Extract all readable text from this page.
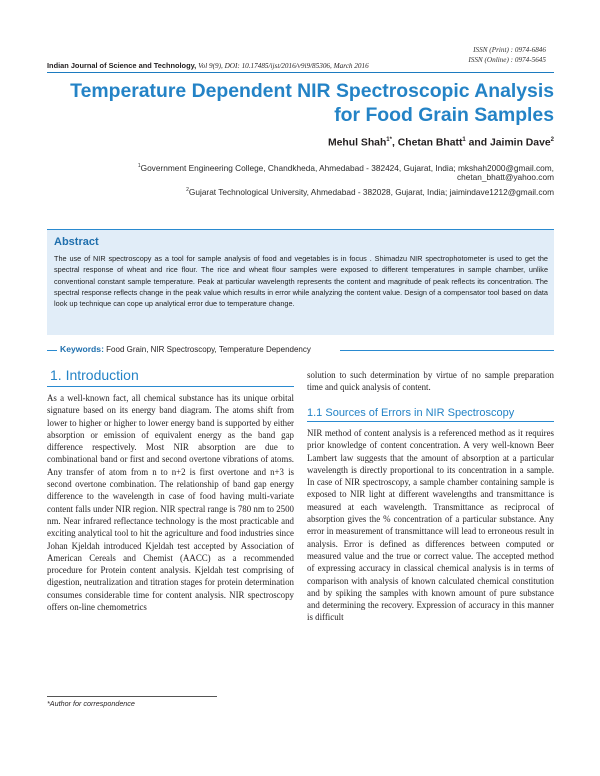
ISSN (Print) : 0974-6846
ISSN (Online) : 0974-5645
Indian Journal of Science and Technology, Vol 9(9), DOI: 10.17485/ijst/2016/v9i9/85306, March 2016
Temperature Dependent NIR Spectroscopic Analysis for Food Grain Samples
Mehul Shah$^{1*}$, Chetan Bhatt$^1$ and Jaimin Dave$^2$
$^1$Government Engineering College, Chandkheda, Ahmedabad - 382424, Gujarat, India; mkshah2000@gmail.com,
chetan_bhatt@yahoo.com
$^2$Gujarat Technological University, Ahmedabad - 382028, Gujarat, India; jaimindave1212@gmail.com
Abstract
The use of NIR spectroscopy as a tool for sample analysis of food and vegetables is in focus . Shimadzu NIR spectrophotometer is used to get the spectral response of wheat and rice flour. The rice and wheat flour samples were exposed to different temperatures in sample chamber, unlike conventional constant sample temperature. Peak at particular wavelength represents the content and magnitude of peak reflects its concentration. The spectral response reflects change in the peak value which results in error while analyzing the content value. Design of a compensator tool based on data look up technique can cope up analytical error due to temperature change.
Keywords: Food Grain, NIR Spectroscopy, Temperature Dependency
1. Introduction
As a well-known fact, all chemical substance has its unique orbital signature based on its energy band diagram. The atoms shift from lower to higher or higher to lower energy band is supported by either absorption or emission of equivalent energy as the band gap difference respectively. Most NIR absorption are due to combinational band or first and second overtone vibrations of atoms. Any transfer of atom from n to n+2 is first overtone and n+3 is second overtone combination. The relationship of band gap energy difference to the wavelength in case of food having multi-variate content falls under NIR region. NIR spectral range is 780 nm to 2500 nm. Near infrared reflectance technology is the most practicable and exciting analytical tool to hit the agriculture and food industries since Johan Kjeldah introduced Kjeldah test accepted by Association of American Cereals and Chemist (AACC) as a recommended procedure for Protein content analysis. Kjeldah test comprising of digestion, neutralization and titration stages for protein determination consumes considerable time for content analysis. NIR spectroscopy offers on-line chemometrics
solution to such determination by virtue of no sample preparation time and quick analysis of content.
1.1 Sources of Errors in NIR Spectroscopy
NIR method of content analysis is a referenced method as it requires prior knowledge of content concentration. A very well-known Beer Lambert law suggests that the amount of absorption at a particular wavelength is directly proportional to its concentration in a sample. In case of NIR spectroscopy, a sample chamber containing sample is exposed to NIR light at different wavelengths and transmittance is measured at each wavelength. Transmittance as reciprocal of absorption gives the % concentration of a particular substance. Any error in measurement of transmittance will lead to erroneous result in analysis. Error is defined as differences between computed or measured value and the true or correct value. The accepted method of expressing accuracy in classical chemical analysis is in terms of comparison with analysis of known calculated chemical constitution and by spiking the samples with known amount of pure substance and determining the recovery. Expression of accuracy in this manner is difficult
*Author for correspondence
